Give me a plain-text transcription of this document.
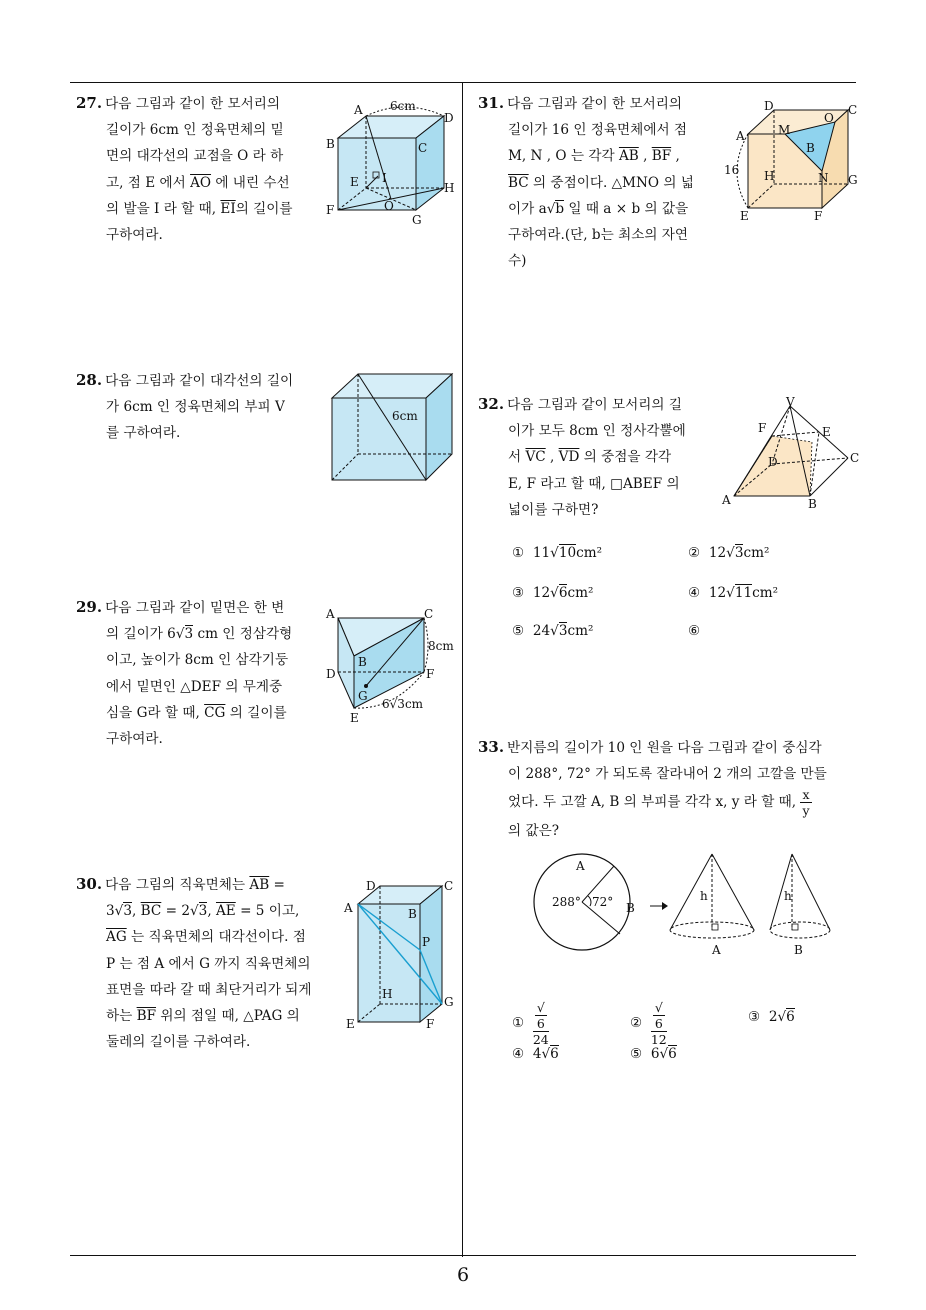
6
27. 다음 그림과 같이 한 모서리의
길이가 6cm 인 정육면체의 밑
면의 대각선의 교점을 O 라 하
고, 점 E 에서 $\overline{AO}$ 에 내린 수선
의 발을 I 라 할 때, $\overline{EI}$의 길이를
구하여라.
6cm
A
D
B	C
E I
H
F	O
G
28. 다음 그림과 같이 대각선의 길이
가 6cm 인 정육면체의 부피 V
를 구하여라.
6cm
29. 다음 그림과 같이 밑면은 한 변
의 길이가 6√3 cm 인 정삼각형
이고, 높이가 8cm 인 삼각기둥
에서 밑면인 △DEF 의 무게중
심을 G라 할 때, $\overline{CG}$ 의 길이를
구하여라.
A	C
8cm
B
D	F
G
E
6√3cm
30. 다음 그림의 직육면체는 $\overline{AB}$ =
3√3, $\overline{BC} = 2√3$, $\overline{AE} = 5$ 이고,
$\overline{AG}$ 는 직육면체의 대각선이다. 점
P 는 점 A 에서 G 까지 직육면체의
표면을 따라 갈 때 최단거리가 되게
하는 $\overline{BF}$ 위의 점일 때, △PAG 의
둘레의 길이를 구하여라.
D	C
A	B
P
H
G
E	F
31. 다음 그림과 같이 한 모서리의
길이가 16 인 정육면체에서 점
M, N , O 는 각각 $\overline{AB}$ , $\overline{BF}$ ,
$\overline{BC}$ 의 중점이다. △MNO 의 넓
이가 a√b 일 때 a × b 의 값을
구하여라.(단, b는 최소의 자연
수)
D	C
A	M
O
B
16 H	N G
E	F
32. 다음 그림과 같이 모서리의 길
이가 모두 8cm 인 정사각뿔에
서 $\overline{VC}$ , $\overline{VD}$ 의 중점을 각각
E, F 라고 할 때, □ABEF 의
넓이를 구하면?
V
F	E
D	C
A	B
① 11√10cm²	② 12√3cm²
③ 12√6cm²	④ 12√11cm²
⑤ 24√3cm²	⑥
33. 반지름의 길이가 10 인 원을 다음 그림과 같이 중심각
이 288°, 72° 가 되도록 잘라내어 2 개의 고깔을 만들
었다. 두 고깔 A, B 의 부피를 각각 x, y 라 할 때, $\frac{x}{y}$
의 값은?
A
288° 72° B
h
A
h
B
① √
6
24	② √
6
12	③ 2√6
④ 4√6	⑤ 6√6
